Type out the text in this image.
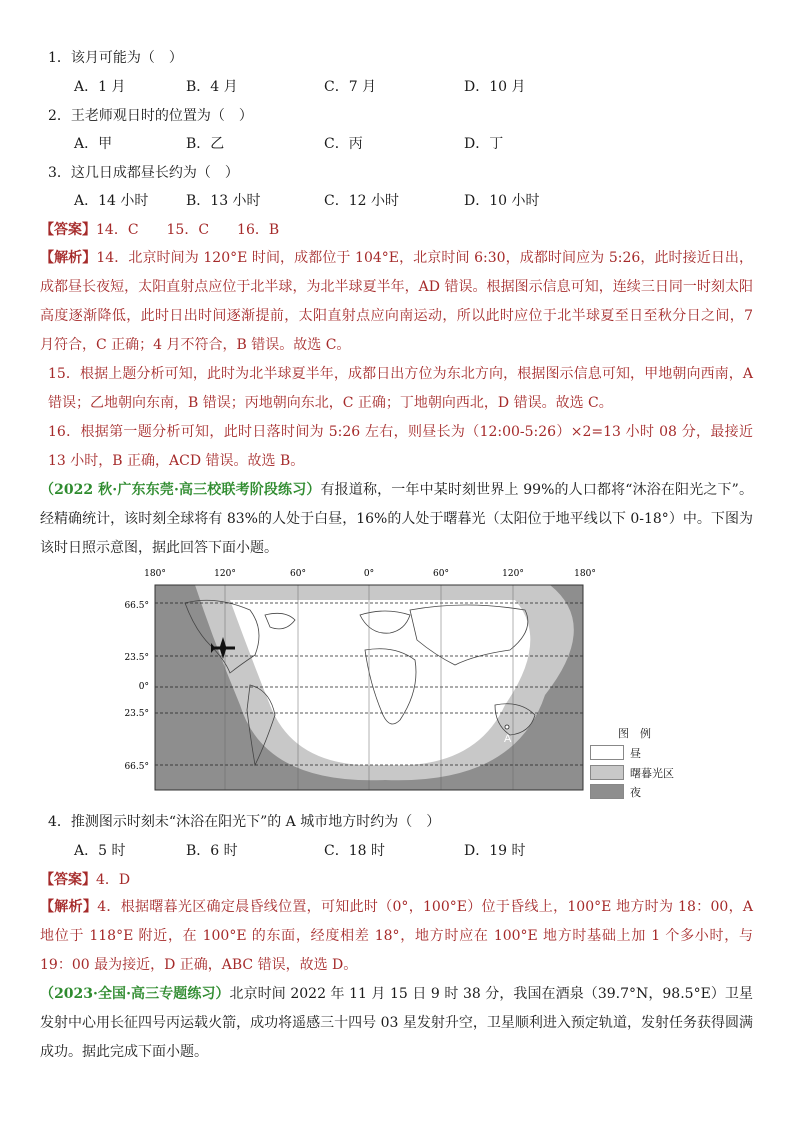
1．该月可能为（　）
A．1 月	B．4 月	C．7 月	D．10 月
2．王老师观日时的位置为（　）
A．甲	B．乙	C．丙	D．丁
3．这几日成都昼长约为（　）
A．14 小时	B．13 小时	C．12 小时	D．10 小时
【答案】14．C　　15．C　　16．B
【解析】14．北京时间为 120°E 时间，成都位于 104°E，北京时间 6:30，成都时间应为 5:26，此时接近日出，成都昼长夜短，太阳直射点应位于北半球，为北半球夏半年，AD 错误。根据图示信息可知，连续三日同一时刻太阳高度逐渐降低，此时日出时间逐渐提前，太阳直射点应向南运动，所以此时应位于北半球夏至日至秋分日之间，7 月符合，C 正确；4 月不符合，B 错误。故选 C。
15．根据上题分析可知，此时为北半球夏半年，成都日出方位为东北方向，根据图示信息可知，甲地朝向西南，A 错误；乙地朝向东南，B 错误；丙地朝向东北，C 正确；丁地朝向西北，D 错误。故选 C。
16．根据第一题分析可知，此时日落时间为 5:26 左右，则昼长为（12:00-5:26）×2=13 小时 08 分，最接近 13 小时，B 正确，ACD 错误。故选 B。
（2022 秋·广东东莞·高三校联考阶段练习）有报道称，一年中某时刻世界上 99%的人口都将“沐浴在阳光之下”。经精确统计，该时刻全球将有 83%的人处于白昼，16%的人处于曙暮光（太阳位于地平线以下 0-18°）中。下图为该时日照示意图，据此回答下面小题。
180°	120°	60°	0°	60°	120°	180°
66.5°
23.5°
0°
23.5°
66.5°
A	图　例
昼
曙暮光区
夜
4．推测图示时刻未“沐浴在阳光下”的 A 城市地方时约为（　）
A．5 时	B．6 时	C．18 时	D．19 时
【答案】4．D
【解析】4．根据曙暮光区确定晨昏线位置，可知此时（0°，100°E）位于昏线上，100°E 地方时为 18：00，A 地位于 118°E 附近，在 100°E 的东面，经度相差 18°，地方时应在 100°E 地方时基础上加 1 个多小时，与 19：00 最为接近，D 正确，ABC 错误，故选 D。
（2023·全国·高三专题练习）北京时间 2022 年 11 月 15 日 9 时 38 分，我国在酒泉（39.7°N，98.5°E）卫星发射中心用长征四号丙运载火箭，成功将遥感三十四号 03 星发射升空，卫星顺利进入预定轨道，发射任务获得圆满成功。据此完成下面小题。
